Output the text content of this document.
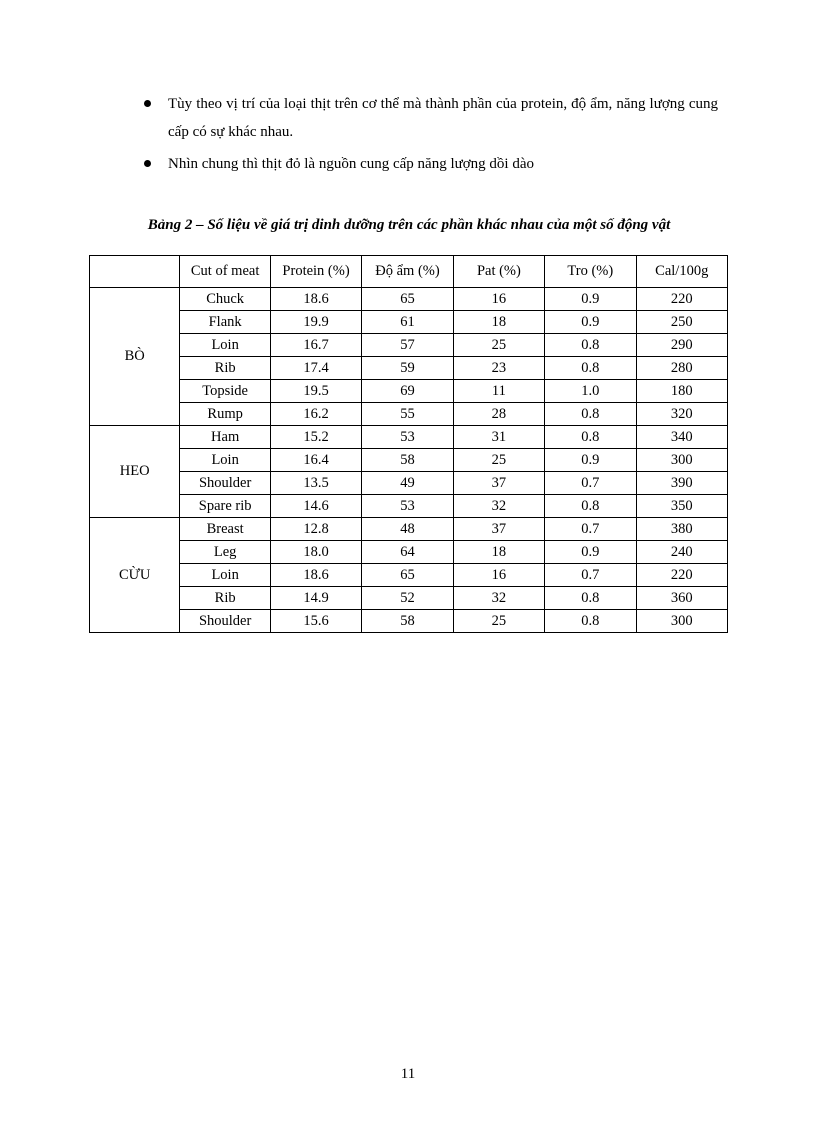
Tùy theo vị trí của loại thịt trên cơ thể mà thành phần của protein, độ ẩm, năng lượng cung cấp có sự khác nhau.
Nhìn chung thì thịt đỏ là nguồn cung cấp năng lượng dồi dào

Bảng 2 – Số liệu về giá trị dinh dưỡng trên các phần khác nhau của một số động vật

	Cut of meat	Protein (%)	Độ ẩm (%)	Pat (%)	Tro (%)	Cal/100g
BÒ	Chuck	18.6	65	16	0.9	220
	Flank	19.9	61	18	0.9	250
	Loin	16.7	57	25	0.8	290
	Rib	17.4	59	23	0.8	280
	Topside	19.5	69	11	1.0	180
	Rump	16.2	55	28	0.8	320
HEO	Ham	15.2	53	31	0.8	340
	Loin	16.4	58	25	0.9	300
	Shoulder	13.5	49	37	0.7	390
	Spare rib	14.6	53	32	0.8	350
CỪU	Breast	12.8	48	37	0.7	380
	Leg	18.0	64	18	0.9	240
	Loin	18.6	65	16	0.7	220
	Rib	14.9	52	32	0.8	360
	Shoulder	15.6	58	25	0.8	300
11
